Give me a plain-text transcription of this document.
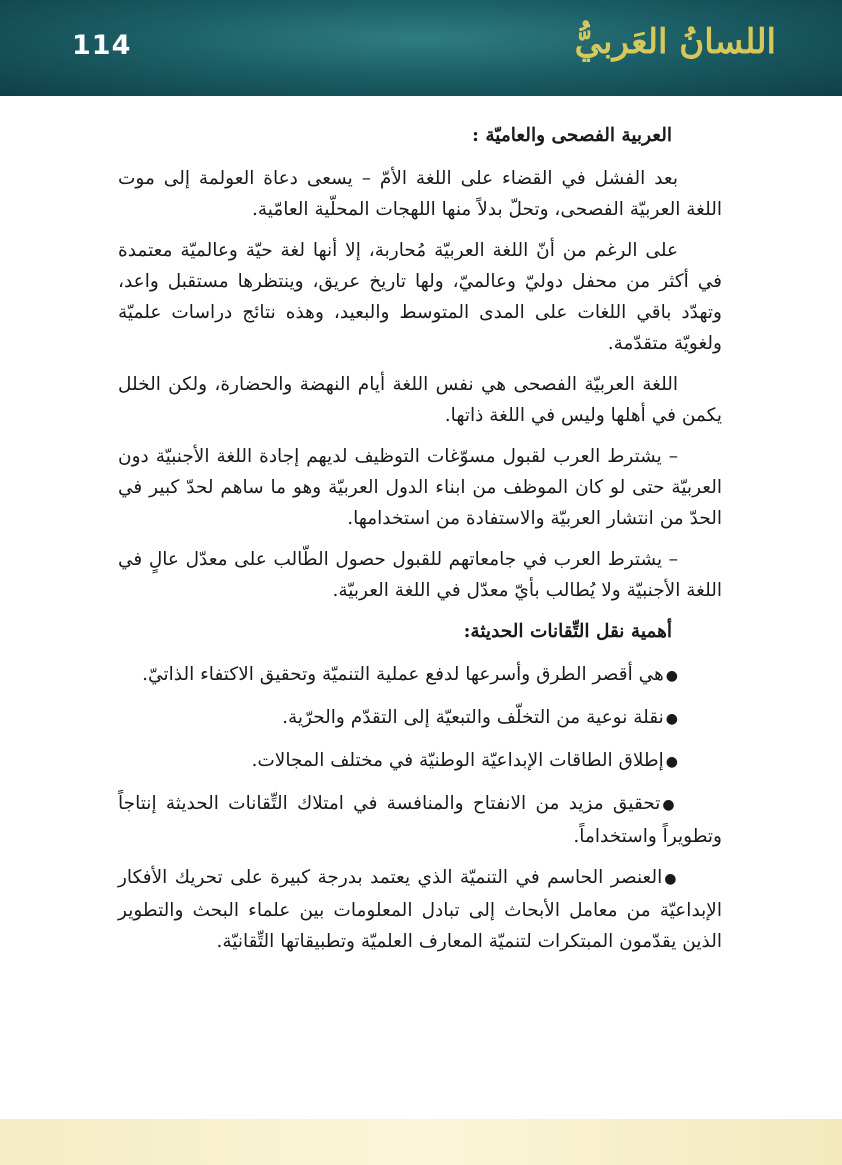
114	اللسانُ العَربيُّ

العربية الفصحى والعاميّة :

بعد الفشل في القضاء على اللغة الأمّ – يسعى دعاة العولمة إلى موت اللغة العربيّة الفصحى، وتحلّ بدلاً منها اللهجات المحلّية العامّية.

على الرغم من أنّ اللغة العربيّة مُحاربة، إلا أنها لغة حيّة وعالميّة معتمدة في أكثر من محفل دوليّ وعالميّ، ولها تاريخ عريق، وينتظرها مستقبل واعد، وتهدّد باقي اللغات على المدى المتوسط والبعيد، وهذه نتائج دراسات علميّة ولغويّة متقدّمة.

اللغة العربيّة الفصحى هي نفس اللغة أيام النهضة والحضارة، ولكن الخلل يكمن في أهلها وليس في اللغة ذاتها.

– يشترط العرب لقبول مسوّغات التوظيف لديهم إجادة اللغة الأجنبيّة دون العربيّة حتى لو كان الموظف من ابناء الدول العربيّة وهو ما ساهم لحدّ كبير في الحدّ من انتشار العربيّة والاستفادة من استخدامها.

– يشترط العرب في جامعاتهم للقبول حصول الطّالب على معدّل عالٍ في اللغة الأجنبيّة ولا يُطالب بأيّ معدّل في اللغة العربيّة.

أهمية نقل التِّقانات الحديثة:

●هي أقصر الطرق وأسرعها لدفع عملية التنميّة وتحقيق الاكتفاء الذاتيّ.

●نقلة نوعية من التخلّف والتبعيّة إلى التقدّم والحرّية.

●إطلاق الطاقات الإبداعيّة الوطنيّة في مختلف المجالات.

●تحقيق مزيد من الانفتاح والمنافسة في امتلاك التِّقانات الحديثة إنتاجاً وتطويراً واستخداماً.

●العنصر الحاسم في التنميّة الذي يعتمد بدرجة كبيرة على تحريك الأفكار الإبداعيّة من معامل الأبحاث إلى تبادل المعلومات بين علماء البحث والتطوير الذين يقدّمون المبتكرات لتنميّة المعارف العلميّة وتطبيقاتها التِّقانيّة.
